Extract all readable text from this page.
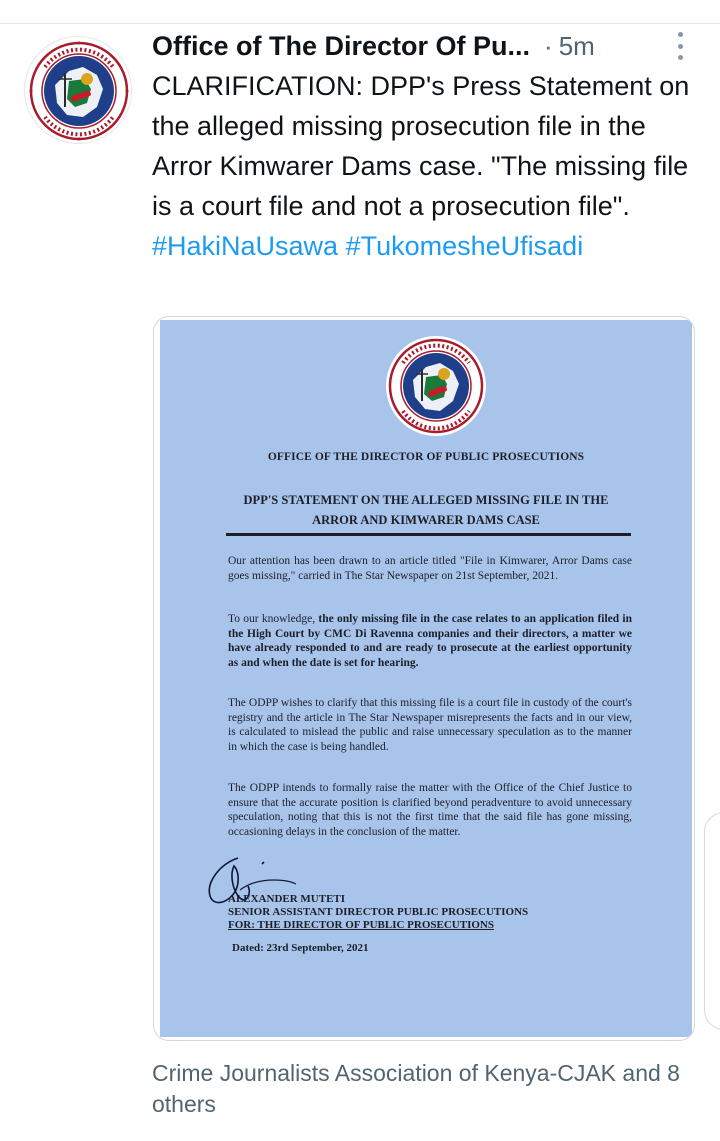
Office of The Director Of Pu... · 5m
CLARIFICATION: DPP's Press Statement on the alleged missing prosecution file in the Arror Kimwarer Dams case. "The missing file is a court file and not a prosecution file".
#HakiNaUsawa #TukomesheUfisadi
OFFICE OF THE DIRECTOR OF PUBLIC PROSECUTIONS
DPP'S STATEMENT ON THE ALLEGED MISSING FILE IN THE
ARROR AND KIMWARER DAMS CASE
Our attention has been drawn to an article titled "File in Kimwarer, Arror Dams case goes missing," carried in The Star Newspaper on 21st September, 2021.
To our knowledge, the only missing file in the case relates to an application filed in the High Court by CMC Di Ravenna companies and their directors, a matter we have already responded to and are ready to prosecute at the earliest opportunity as and when the date is set for hearing.
The ODPP wishes to clarify that this missing file is a court file in custody of the court's registry and the article in The Star Newspaper misrepresents the facts and in our view, is calculated to mislead the public and raise unnecessary speculation as to the manner in which the case is being handled.
The ODPP intends to formally raise the matter with the Office of the Chief Justice to ensure that the accurate position is clarified beyond peradventure to avoid unnecessary speculation, noting that this is not the first time that the said file has gone missing, occasioning delays in the conclusion of the matter.
ALEXANDER MUTETI
SENIOR ASSISTANT DIRECTOR PUBLIC PROSECUTIONS
FOR: THE DIRECTOR OF PUBLIC PROSECUTIONS
Dated: 23rd September, 2021
Crime Journalists Association of Kenya-CJAK and 8 others
